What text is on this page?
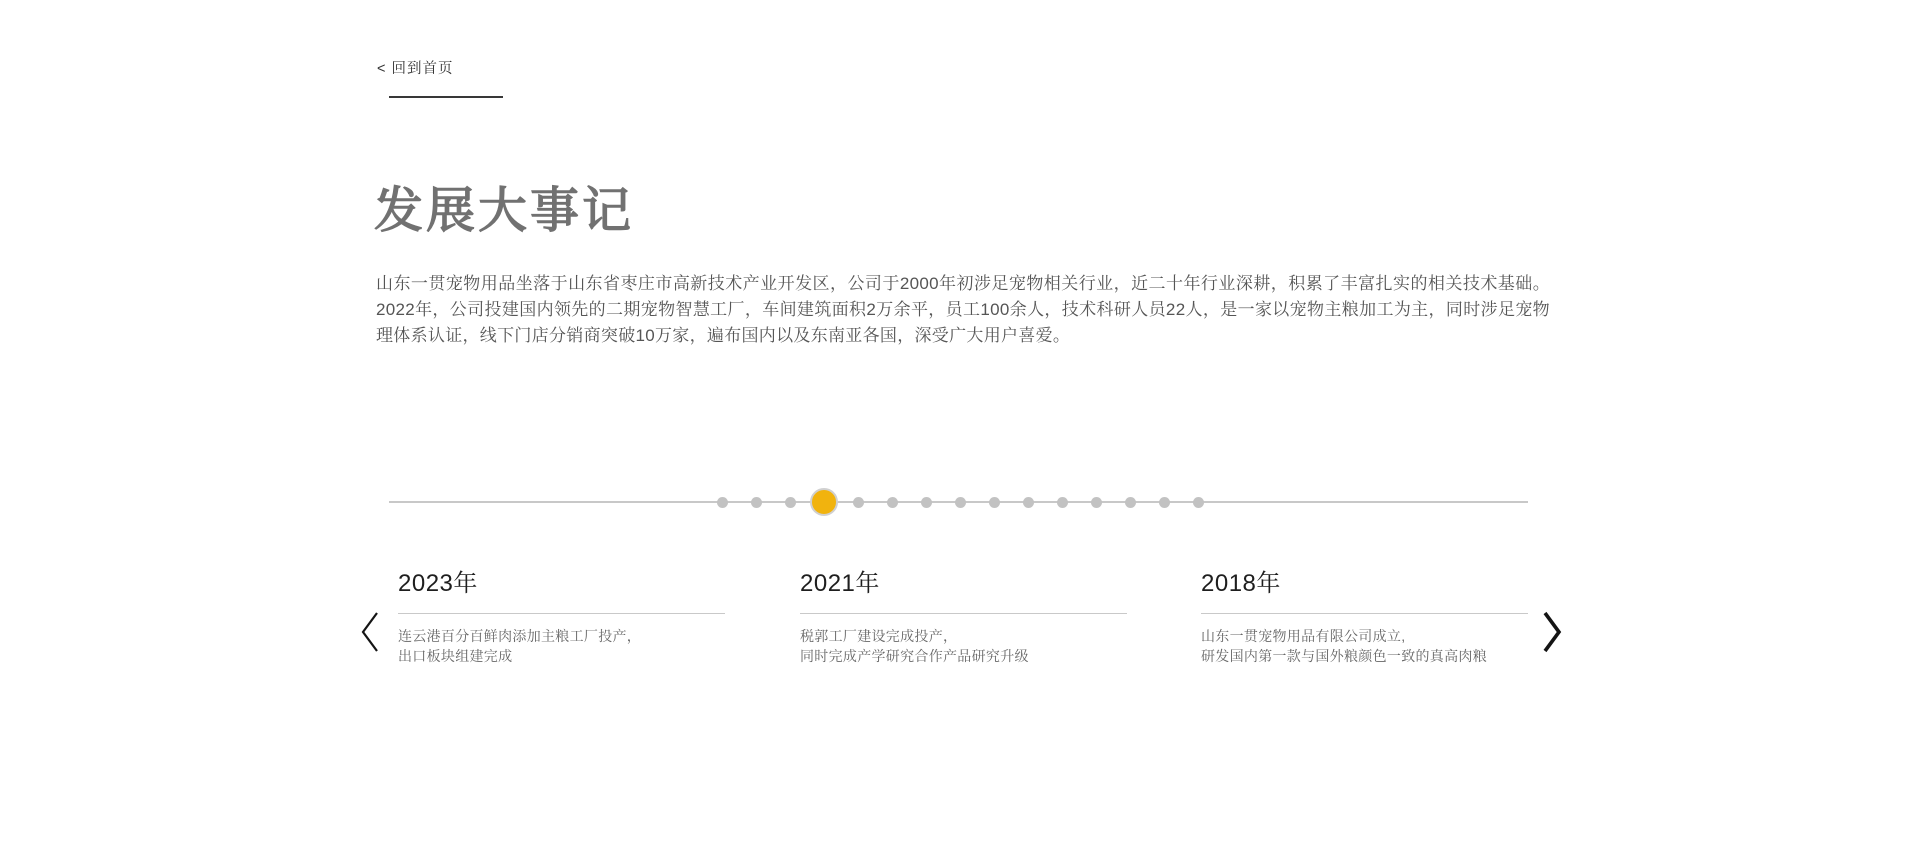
< 回到首页
发展大事记

山东一贯宠物用品坐落于山东省枣庄市高新技术产业开发区，公司于2000年初涉足宠物相关行业，近二十年行业深耕，积累了丰富扎实的相关技术基础。2022年，公司投建国内领先的二期宠物智慧工厂，车间建筑面积2万余平，员工100余人，技术科研人员22人，是一家以宠物主粮加工为主，同时涉足宠物理体系认证，线下门店分销商突破10万家，遍布国内以及东南亚各国，深受广大用户喜爱。

2023年
连云港百分百鲜肉添加主粮工厂投产，
出口板块组建完成
2021年
税郭工厂建设完成投产，
同时完成产学研究合作产品研究升级
2018年
山东一贯宠物用品有限公司成立,
研发国内第一款与国外粮颜色一致的真高肉粮
